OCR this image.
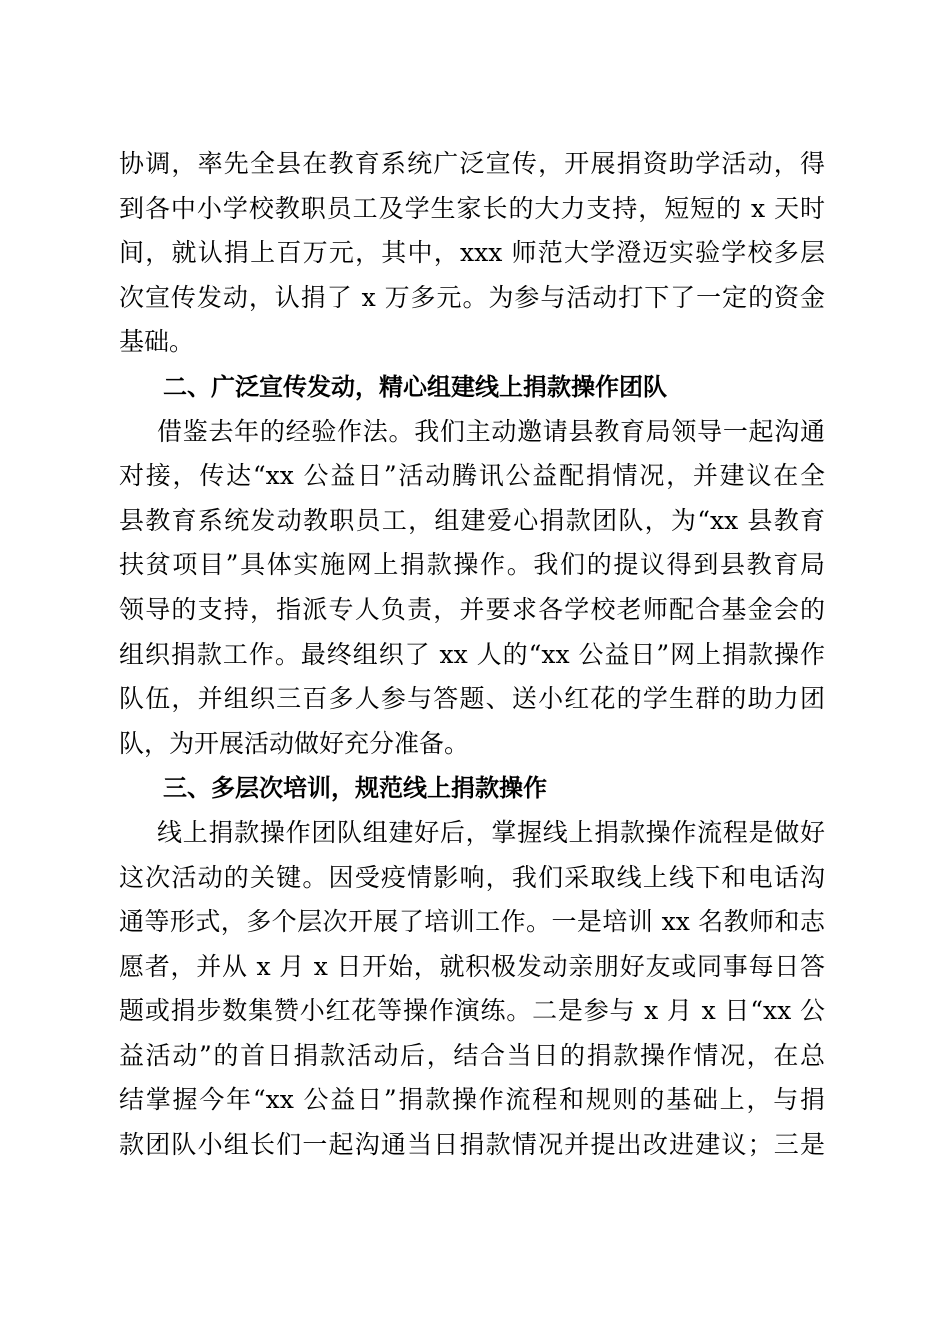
协调，率先全县在教育系统广泛宣传，开展捐资助学活动，得
到各中小学校教职员工及学生家长的大力支持，短短的 x 天时
间，就认捐上百万元，其中，xxx 师范大学澄迈实验学校多层
次宣传发动，认捐了 x 万多元。为参与活动打下了一定的资金
基础。
二、广泛宣传发动，精心组建线上捐款操作团队
借鉴去年的经验作法。我们主动邀请县教育局领导一起沟通
对接，传达“xx 公益日”活动腾讯公益配捐情况，并建议在全
县教育系统发动教职员工，组建爱心捐款团队，为“xx 县教育
扶贫项目”具体实施网上捐款操作。我们的提议得到县教育局
领导的支持，指派专人负责，并要求各学校老师配合基金会的
组织捐款工作。最终组织了 xx 人的“xx 公益日”网上捐款操作
队伍，并组织三百多人参与答题、送小红花的学生群的助力团
队，为开展活动做好充分准备。
三、多层次培训，规范线上捐款操作
线上捐款操作团队组建好后，掌握线上捐款操作流程是做好
这次活动的关键。因受疫情影响，我们采取线上线下和电话沟
通等形式，多个层次开展了培训工作。一是培训 xx 名教师和志
愿者，并从 x 月 x 日开始，就积极发动亲朋好友或同事每日答
题或捐步数集赞小红花等操作演练。二是参与 x 月 x 日“xx 公
益活动”的首日捐款活动后，结合当日的捐款操作情况，在总
结掌握今年“xx 公益日”捐款操作流程和规则的基础上，与捐
款团队小组长们一起沟通当日捐款情况并提出改进建议；三是
